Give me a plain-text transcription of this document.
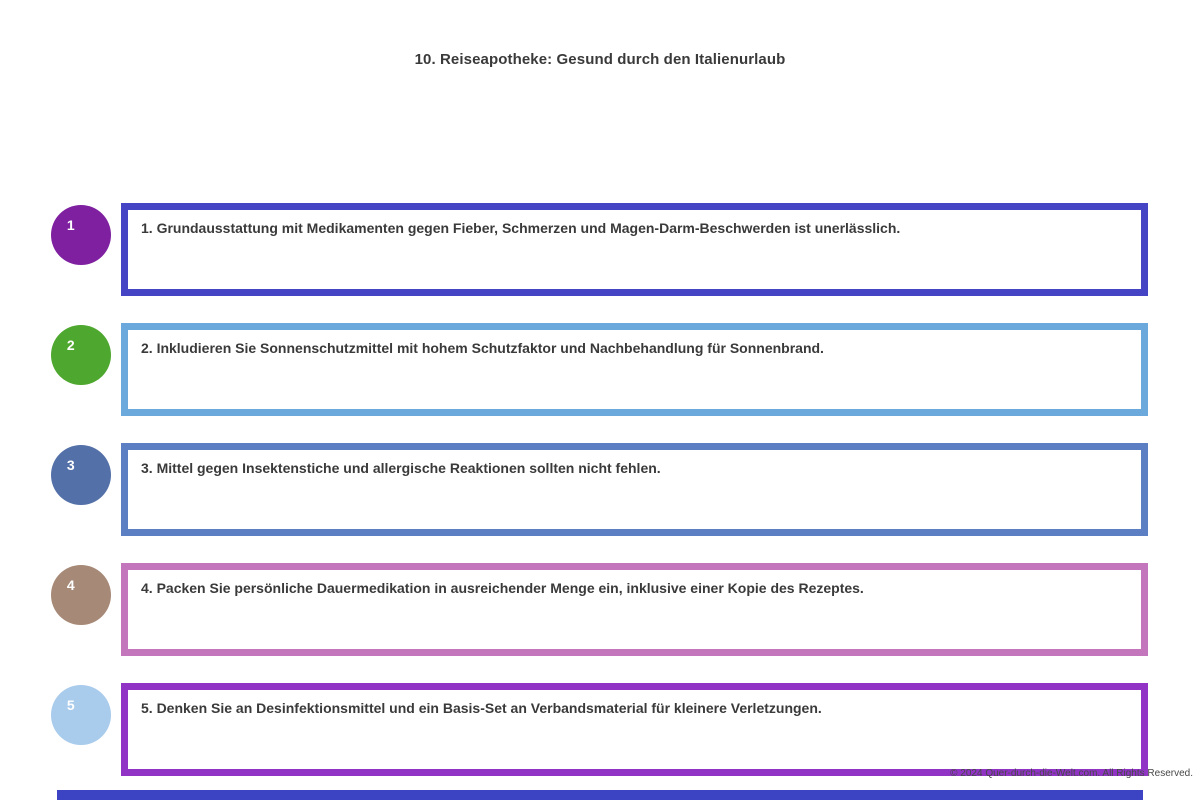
10. Reiseapotheke: Gesund durch den Italienurlaub
1	1. Grundausstattung mit Medikamenten gegen Fieber, Schmerzen und Magen-Darm-Beschwerden ist unerlässlich.

2	2. Inkludieren Sie Sonnenschutzmittel mit hohem Schutzfaktor und Nachbehandlung für Sonnenbrand.

3	3. Mittel gegen Insektenstiche und allergische Reaktionen sollten nicht fehlen.

4	4. Packen Sie persönliche Dauermedikation in ausreichender Menge ein, inklusive einer Kopie des Rezeptes.

5	5. Denken Sie an Desinfektionsmittel und ein Basis-Set an Verbandsmaterial für kleinere Verletzungen.

© 2024 Quer-durch-die-Welt.com. All Rights Reserved.
